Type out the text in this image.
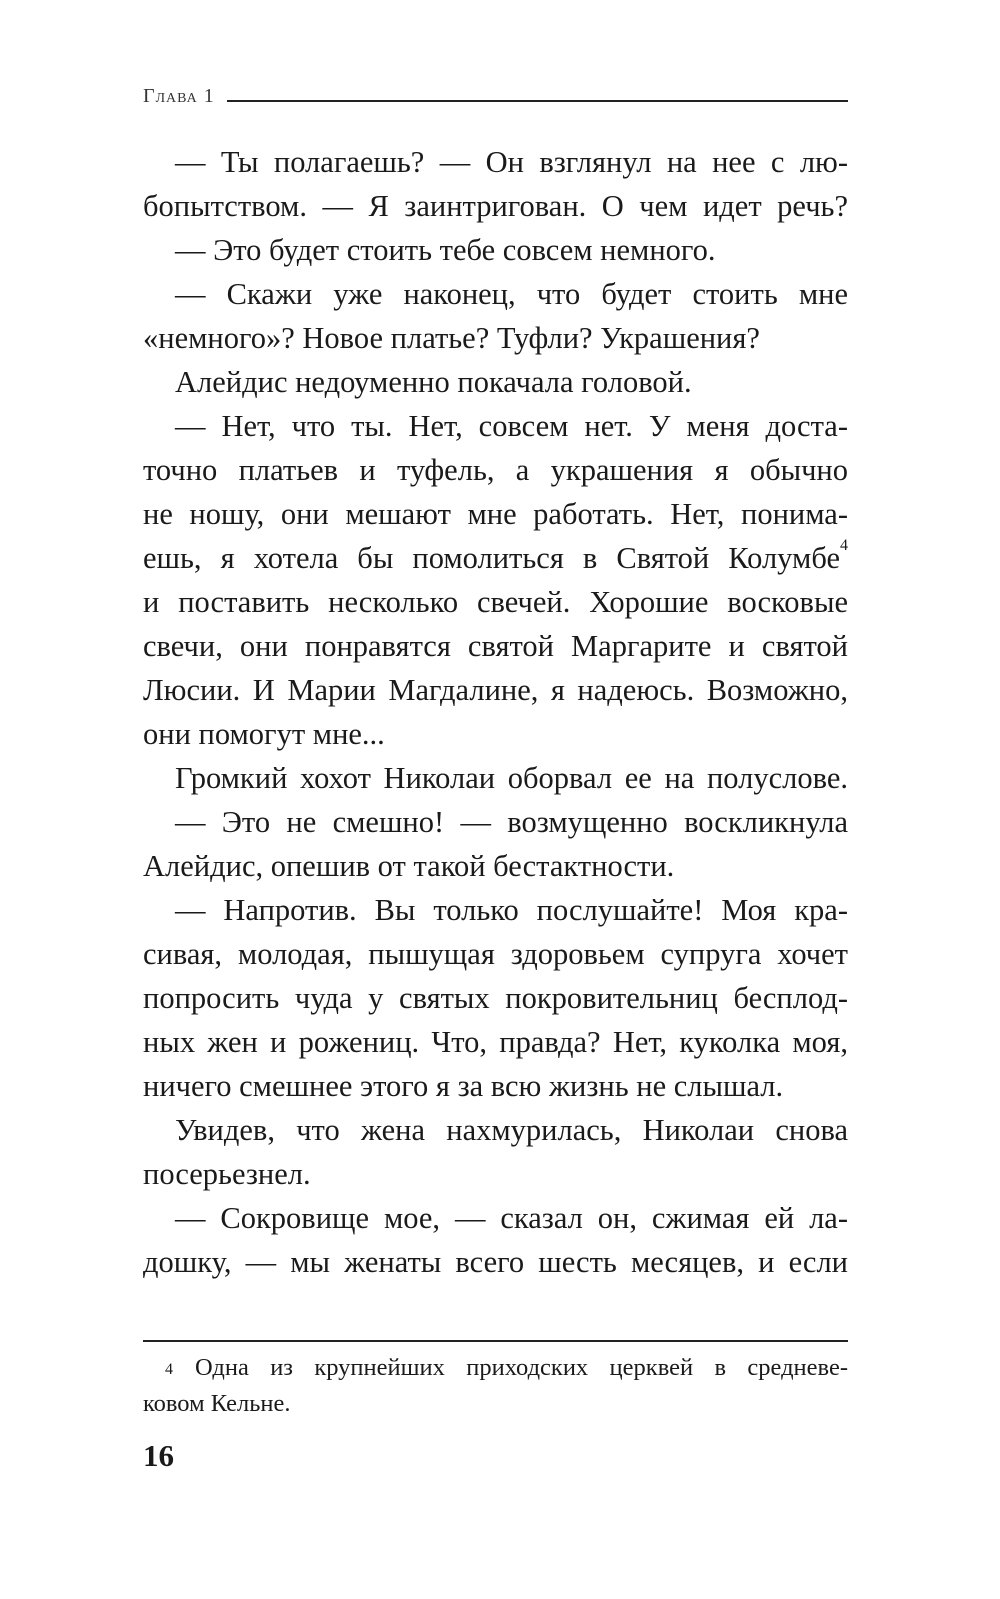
Глава 1
— Ты полагаешь? — Он взглянул на нее с лю-
бопытством. — Я заинтригован. О чем идет речь?
— Это будет стоить тебе совсем немного.
— Скажи уже наконец, что будет стоить мне
«немного»? Новое платье? Туфли? Украшения?
Алейдис недоуменно покачала головой.
— Нет, что ты. Нет, совсем нет. У меня доста-
точно платьев и туфель, а украшения я обычно
не ношу, они мешают мне работать. Нет, понима-
ешь, я хотела бы помолиться в Святой Колумбе$^4$
и поставить несколько свечей. Хорошие восковые
свечи, они понравятся святой Маргарите и святой
Люсии. И Марии Магдалине, я надеюсь. Возможно,
они помогут мне...
Громкий хохот Николаи оборвал ее на полуслове.
— Это не смешно! — возмущенно воскликнула
Алейдис, опешив от такой бестактности.
— Напротив. Вы только послушайте! Моя кра-
сивая, молодая, пышущая здоровьем супруга хочет
попросить чуда у святых покровительниц бесплод-
ных жен и рожениц. Что, правда? Нет, куколка моя,
ничего смешнее этого я за всю жизнь не слышал.
Увидев, что жена нахмурилась, Николаи снова
посерьезнел.
— Сокровище мое, — сказал он, сжимая ей ла-
дошку, — мы женаты всего шесть месяцев, и если
$^4$ Одна из крупнейших приходских церквей в средневе-
ковом Кельне.
16
